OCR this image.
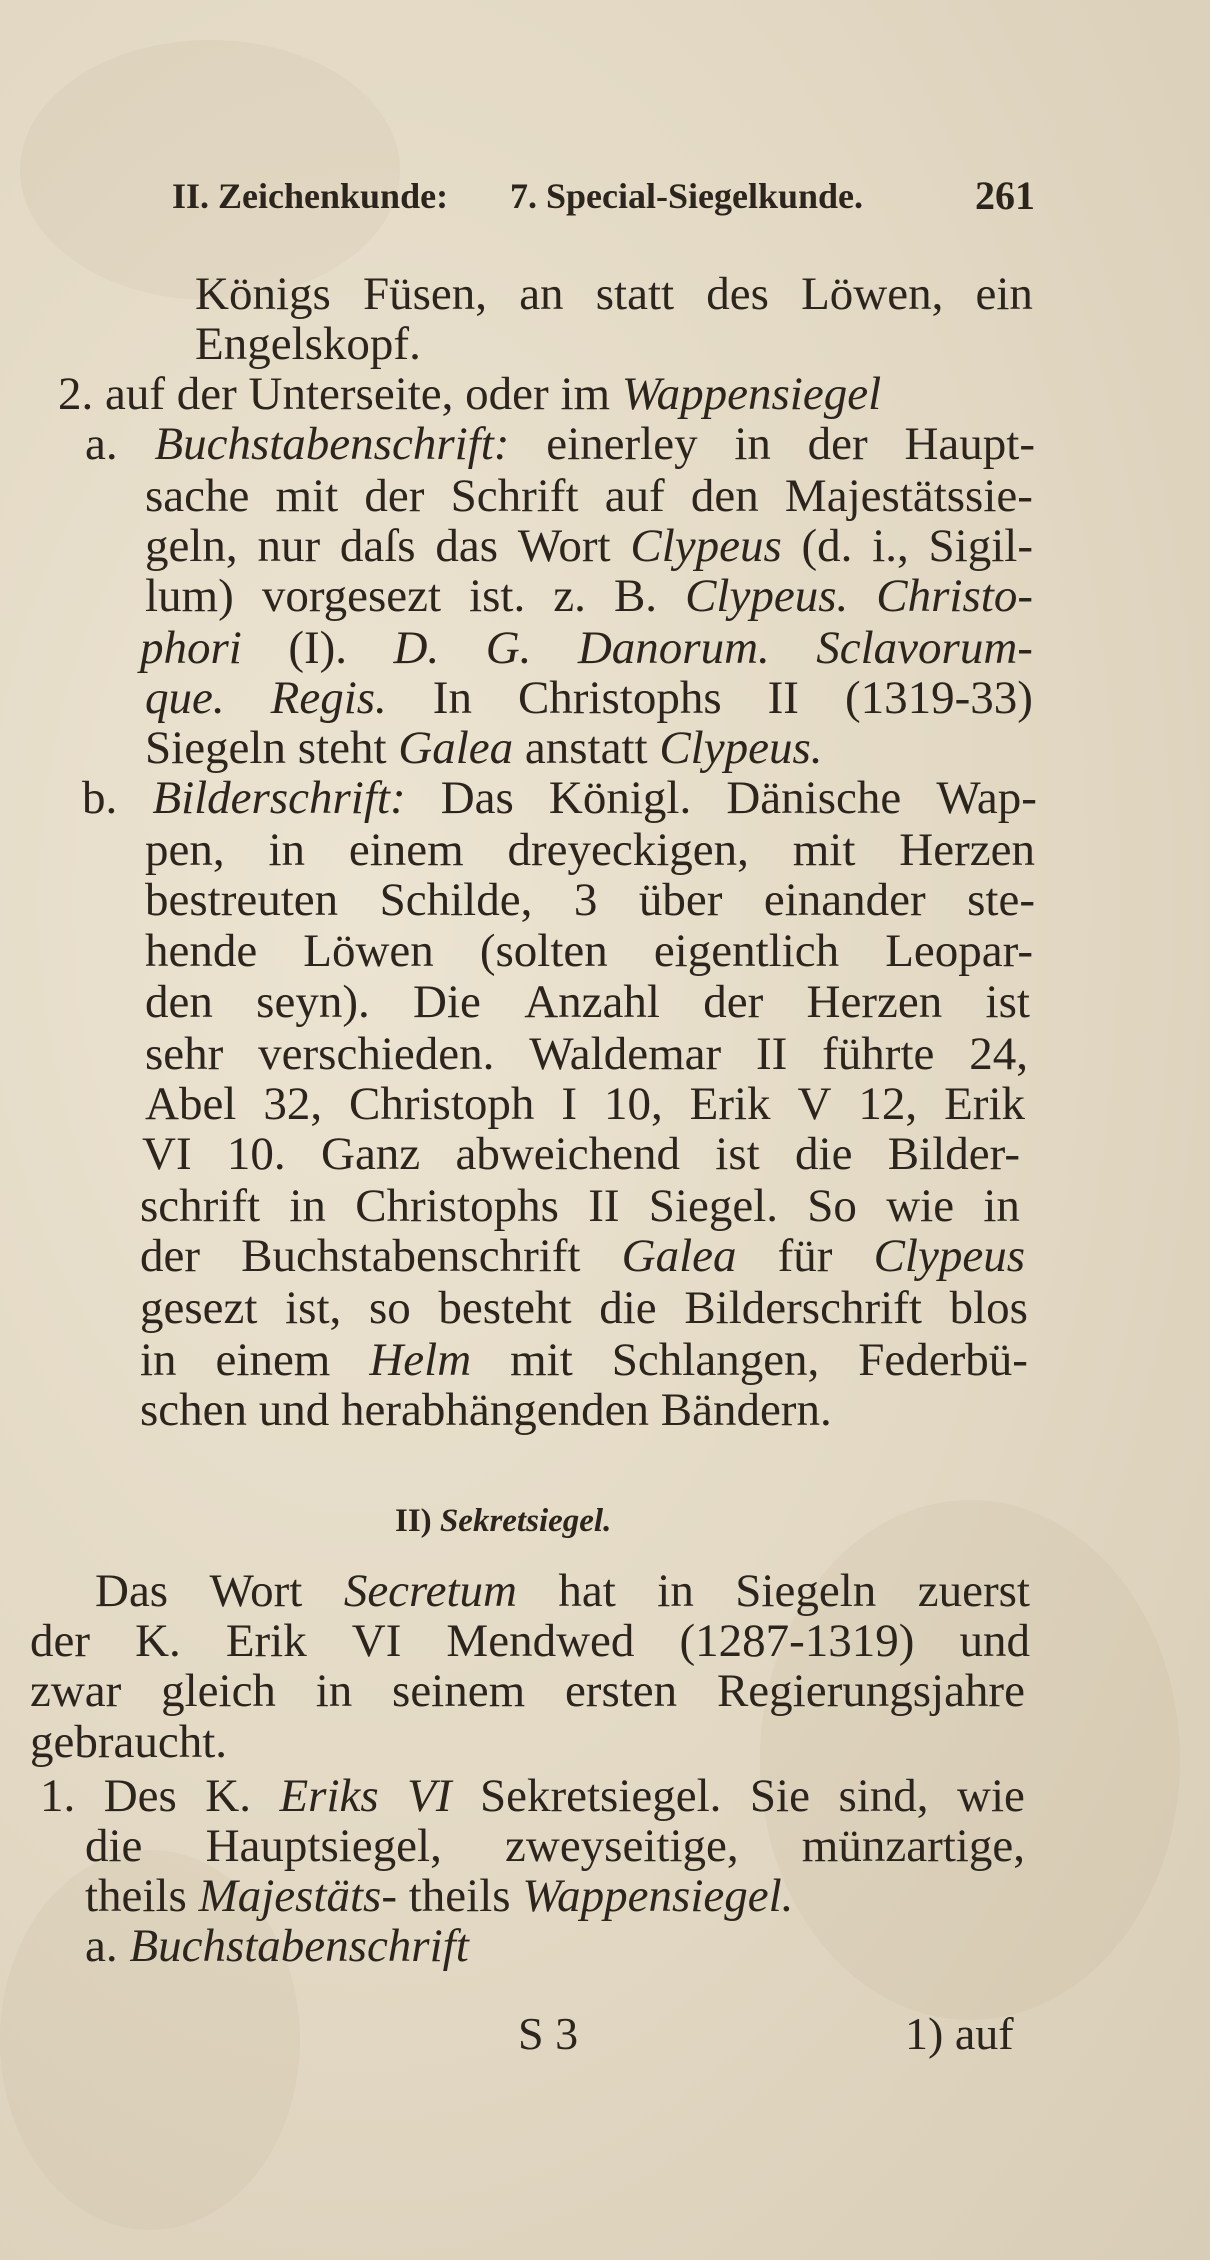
II. Zeichenkunde: 7. Special-Siegelkunde.	261
Königs Füsen, an statt des Löwen, ein
Engelskopf.
2. auf der Unterseite, oder im Wappensiegel
a. Buchstabenschrift: einerley in der Haupt-
sache mit der Schrift auf den Majestätssie-
geln, nur daſs das Wort Clypeus (d. i., Sigil-
lum) vorgesezt ist. z. B. Clypeus. Christo-
phori (I). D. G. Danorum. Sclavorum-
que. Regis. In Christophs II (1319-33)
Siegeln steht Galea anstatt Clypeus.
b. Bilderschrift: Das Königl. Dänische Wap-
pen, in einem dreyeckigen, mit Herzen
bestreuten Schilde, 3 über einander ste-
hende Löwen (solten eigentlich Leopar-
den seyn). Die Anzahl der Herzen ist
sehr verschieden. Waldemar II führte 24,
Abel 32, Christoph I 10, Erik V 12, Erik
VI 10. Ganz abweichend ist die Bilder-
schrift in Christophs II Siegel. So wie in
der Buchstabenschrift Galea für Clypeus
gesezt ist, so besteht die Bilderschrift blos
in einem Helm mit Schlangen, Federbü-
schen und herabhängenden Bändern.
II) Sekretsiegel.
Das Wort Secretum hat in Siegeln zuerst
der K. Erik VI Mendwed (1287-1319) und
zwar gleich in seinem ersten Regierungsjahre
gebraucht.
1. Des K. Eriks VI Sekretsiegel. Sie sind, wie
die Hauptsiegel, zweyseitige, münzartige,
theils Majestäts- theils Wappensiegel.
a. Buchstabenschrift
S 3	1) auf
